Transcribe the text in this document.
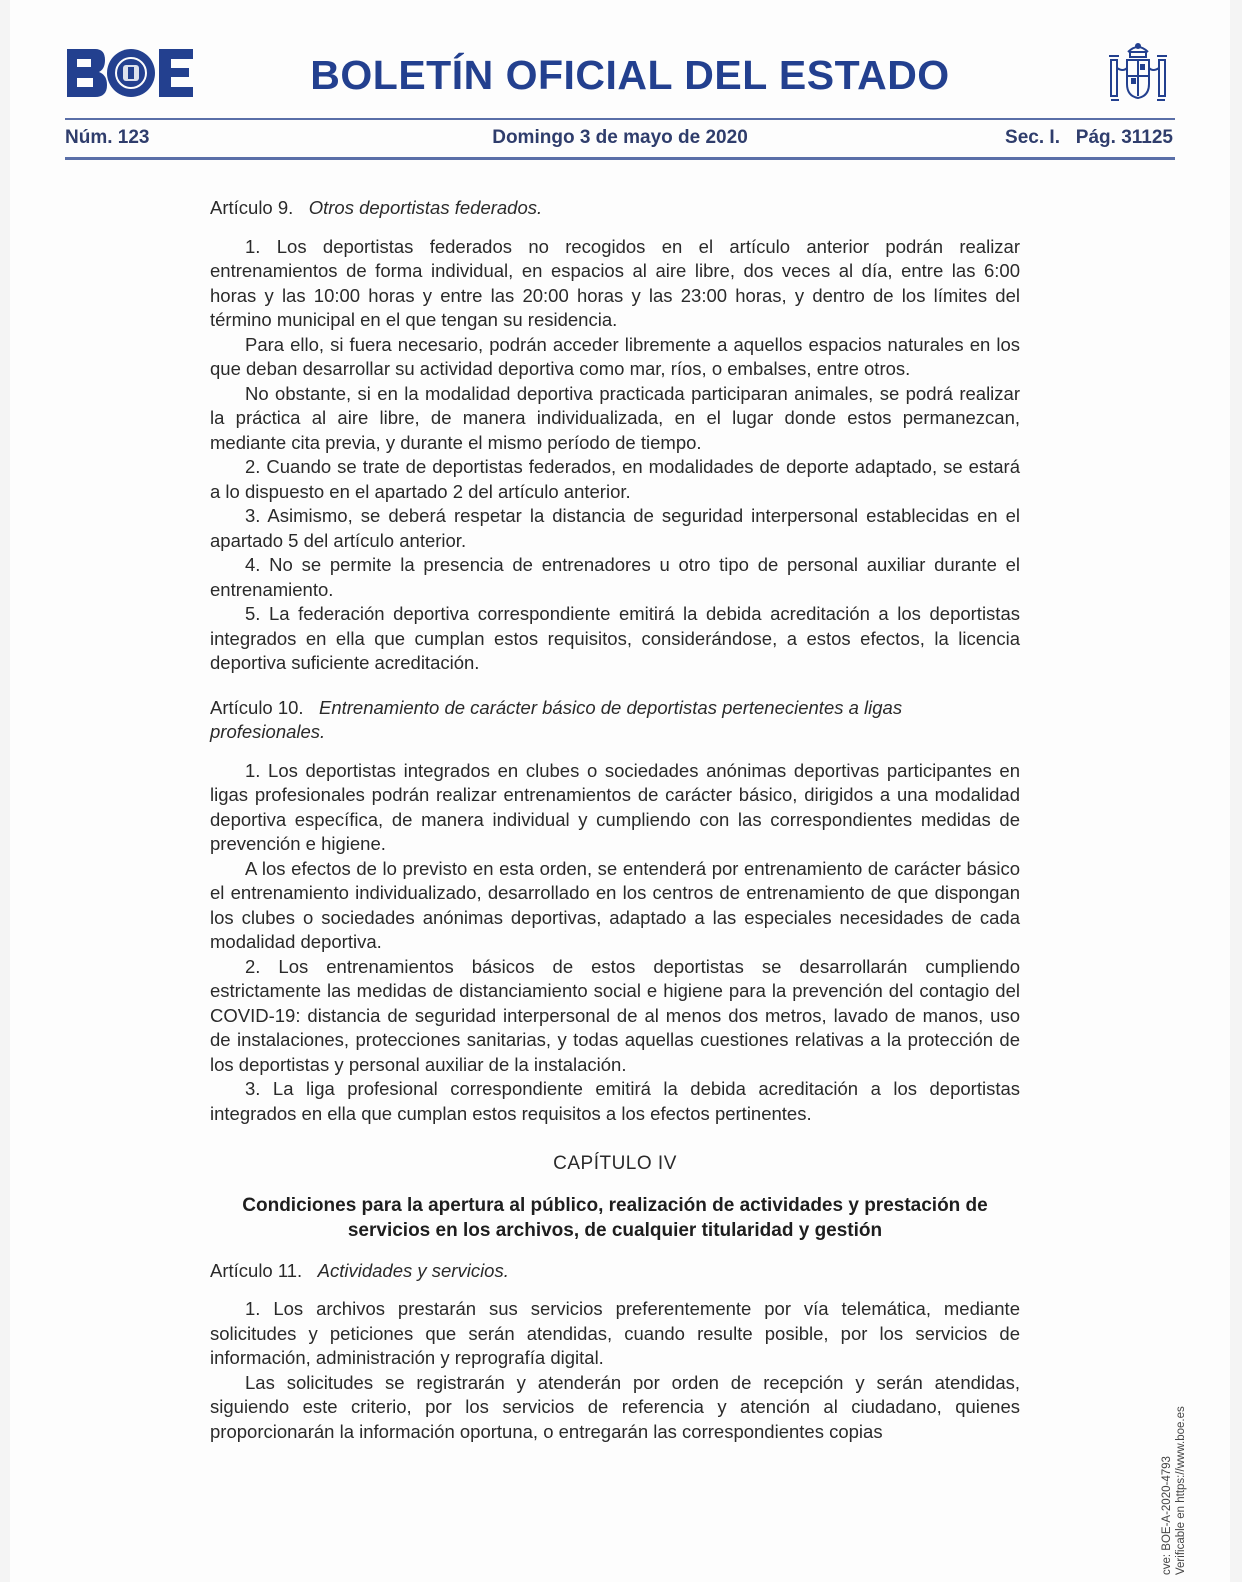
BOLETÍN OFICIAL DEL ESTADO
Núm. 123	Domingo 3 de mayo de 2020	Sec. I.   Pág. 31125
Artículo 9. Otros deportistas federados.

1. Los deportistas federados no recogidos en el artículo anterior podrán realizar entrenamientos de forma individual, en espacios al aire libre, dos veces al día, entre las 6:00 horas y las 10:00 horas y entre las 20:00 horas y las 23:00 horas, y dentro de los límites del término municipal en el que tengan su residencia.

Para ello, si fuera necesario, podrán acceder libremente a aquellos espacios naturales en los que deban desarrollar su actividad deportiva como mar, ríos, o embalses, entre otros.

No obstante, si en la modalidad deportiva practicada participaran animales, se podrá realizar la práctica al aire libre, de manera individualizada, en el lugar donde estos permanezcan, mediante cita previa, y durante el mismo período de tiempo.

2. Cuando se trate de deportistas federados, en modalidades de deporte adaptado, se estará a lo dispuesto en el apartado 2 del artículo anterior.

3. Asimismo, se deberá respetar la distancia de seguridad interpersonal establecidas en el apartado 5 del artículo anterior.

4. No se permite la presencia de entrenadores u otro tipo de personal auxiliar durante el entrenamiento.

5. La federación deportiva correspondiente emitirá la debida acreditación a los deportistas integrados en ella que cumplan estos requisitos, considerándose, a estos efectos, la licencia deportiva suficiente acreditación.

Artículo 10. Entrenamiento de carácter básico de deportistas pertenecientes a ligas profesionales.

1. Los deportistas integrados en clubes o sociedades anónimas deportivas participantes en ligas profesionales podrán realizar entrenamientos de carácter básico, dirigidos a una modalidad deportiva específica, de manera individual y cumpliendo con las correspondientes medidas de prevención e higiene.

A los efectos de lo previsto en esta orden, se entenderá por entrenamiento de carácter básico el entrenamiento individualizado, desarrollado en los centros de entrenamiento de que dispongan los clubes o sociedades anónimas deportivas, adaptado a las especiales necesidades de cada modalidad deportiva.

2. Los entrenamientos básicos de estos deportistas se desarrollarán cumpliendo estrictamente las medidas de distanciamiento social e higiene para la prevención del contagio del COVID-19: distancia de seguridad interpersonal de al menos dos metros, lavado de manos, uso de instalaciones, protecciones sanitarias, y todas aquellas cuestiones relativas a la protección de los deportistas y personal auxiliar de la instalación.

3. La liga profesional correspondiente emitirá la debida acreditación a los deportistas integrados en ella que cumplan estos requisitos a los efectos pertinentes.

CAPÍTULO IV
Condiciones para la apertura al público, realización de actividades y prestación de servicios en los archivos, de cualquier titularidad y gestión
Artículo 11. Actividades y servicios.

1. Los archivos prestarán sus servicios preferentemente por vía telemática, mediante solicitudes y peticiones que serán atendidas, cuando resulte posible, por los servicios de información, administración y reprografía digital.

Las solicitudes se registrarán y atenderán por orden de recepción y serán atendidas, siguiendo este criterio, por los servicios de referencia y atención al ciudadano, quienes proporcionarán la información oportuna, o entregarán las correspondientes copias

cve: BOE-A-2020-4793 Verificable en https://www.boe.es
